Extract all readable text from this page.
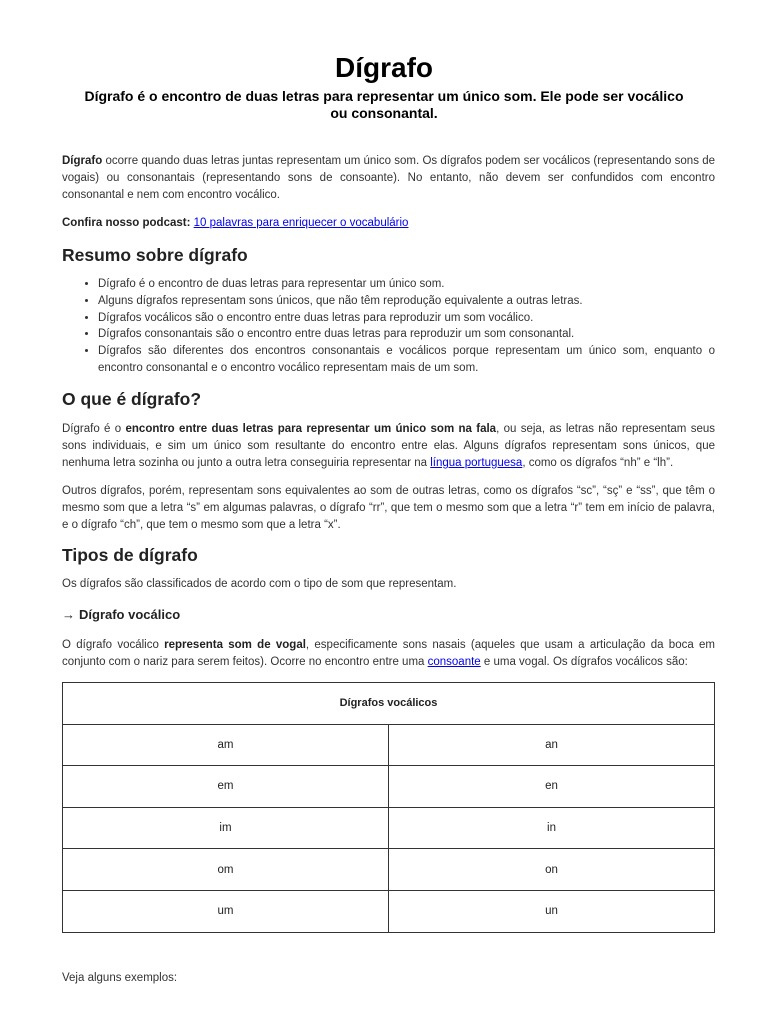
Dígrafo

Dígrafo é o encontro de duas letras para representar um único som. Ele pode ser vocálico ou consonantal.

Dígrafo ocorre quando duas letras juntas representam um único som. Os dígrafos podem ser vocálicos (representando sons de vogais) ou consonantais (representando sons de consoante). No entanto, não devem ser confundidos com encontro consonantal e nem com encontro vocálico.

Confira nosso podcast: 10 palavras para enriquecer o vocabulário

Resumo sobre dígrafo
• Dígrafo é o encontro de duas letras para representar um único som.
• Alguns dígrafos representam sons únicos, que não têm reprodução equivalente a outras letras.
• Dígrafos vocálicos são o encontro entre duas letras para reproduzir um som vocálico.
• Dígrafos consonantais são o encontro entre duas letras para reproduzir um som consonantal.
• Dígrafos são diferentes dos encontros consonantais e vocálicos porque representam um único som, enquanto o encontro consonantal e o encontro vocálico representam mais de um som.
O que é dígrafo?

Dígrafo é o encontro entre duas letras para representar um único som na fala, ou seja, as letras não representam seus sons individuais, e sim um único som resultante do encontro entre elas. Alguns dígrafos representam sons únicos, que nenhuma letra sozinha ou junto a outra letra conseguiria representar na língua portuguesa, como os dígrafos “nh” e “lh”.

Outros dígrafos, porém, representam sons equivalentes ao som de outras letras, como os dígrafos “sc”, “sç” e “ss”, que têm o mesmo som que a letra “s” em algumas palavras, o dígrafo “rr”, que tem o mesmo som que a letra “r” tem em início de palavra, e o dígrafo “ch”, que tem o mesmo som que a letra “x”.

Tipos de dígrafo

Os dígrafos são classificados de acordo com o tipo de som que representam.

→ Dígrafo vocálico

O dígrafo vocálico representa som de vogal, especificamente sons nasais (aqueles que usam a articulação da boca em conjunto com o nariz para serem feitos). Ocorre no encontro entre uma consoante e uma vogal. Os dígrafos vocálicos são:

Dígrafos vocálicos	
am	an
em	en
im	in
om	on
um	un

Veja alguns exemplos:
